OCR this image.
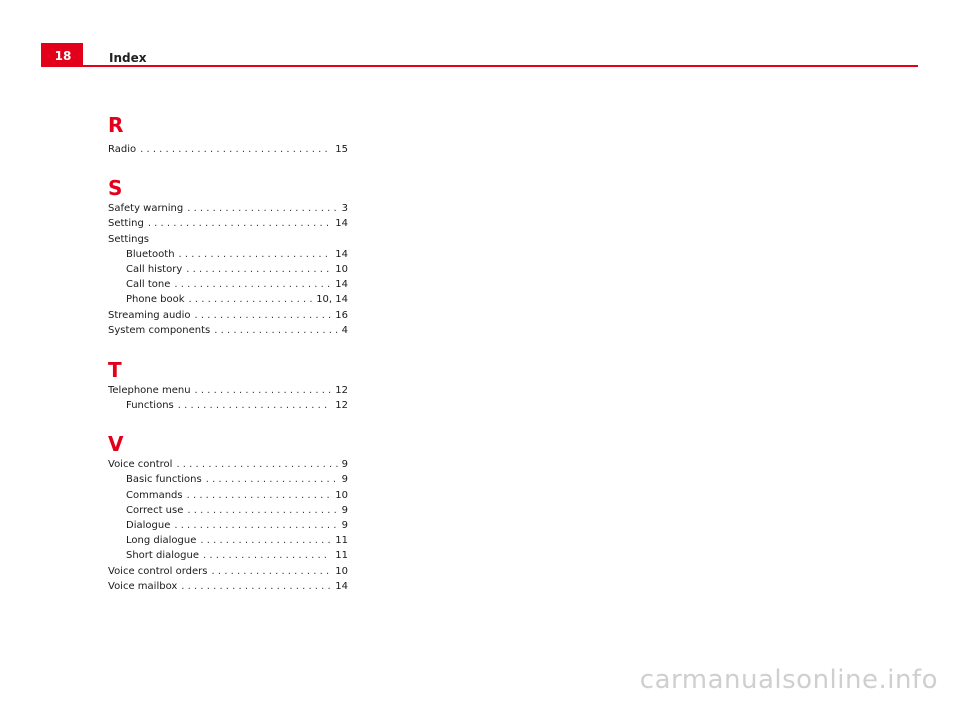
18	Index
R
Radio . . .	15
S
Safety warning . . .	3
Setting . . .	14
Settings
Bluetooth . . .	14
Call history . . .	10
Call tone . . .	14
Phone book . . .	10, 14
Streaming audio . . .	16
System components . . .	4
T
Telephone menu . . .	12
Functions . . .	12
V
Voice control . . .	9
Basic functions . . .	9
Commands . . .	10
Correct use . . .	9
Dialogue . . .	9
Long dialogue . . .	11
Short dialogue . . .	11
Voice control orders . . .	10
Voice mailbox . . .	14
carmanualsonline.info
